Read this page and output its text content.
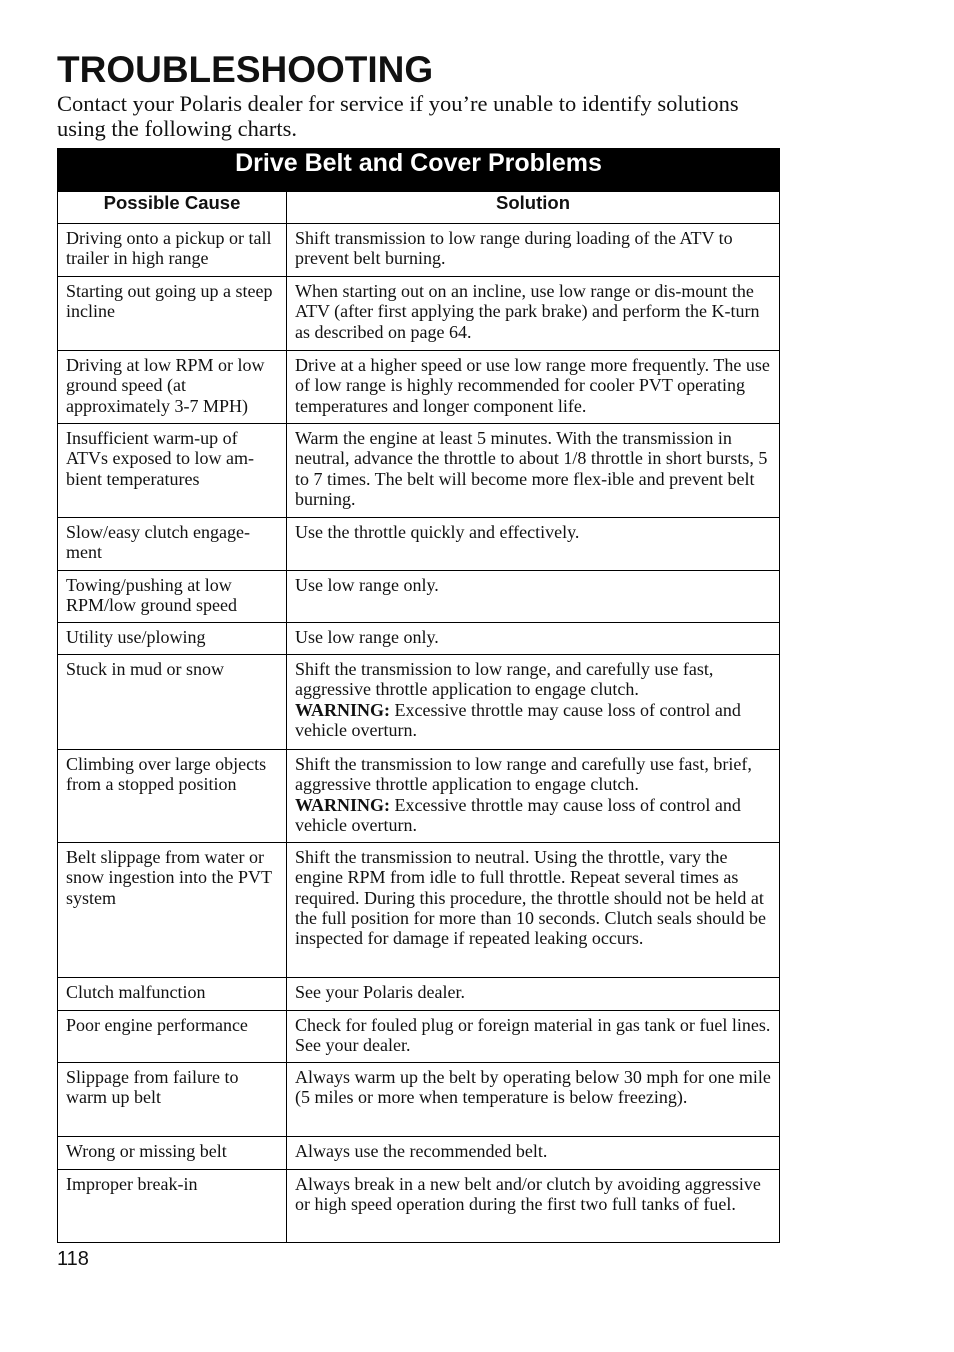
TROUBLESHOOTING

Contact your Polaris dealer for service if you’re unable to identify solutions using the following charts.

Drive Belt and Cover Problems	
Possible Cause	Solution
Driving onto a pickup or tall trailer in high range	Shift transmission to low range during loading of the ATV to prevent belt burning.
Starting out going up a steep incline	When starting out on an incline, use low range or dis-mount the ATV (after first applying the park brake) and perform the K-turn as described on page 64.
Driving at low RPM or low ground speed (at approximately 3-7 MPH)	Drive at a higher speed or use low range more frequently. The use of low range is highly recommended for cooler PVT operating temperatures and longer component life.
Insufficient warm-up of ATVs exposed to low am-bient temperatures	Warm the engine at least 5 minutes. With the transmission in neutral, advance the throttle to about 1/8 throttle in short bursts, 5 to 7 times. The belt will become more flex-ible and prevent belt burning.
Slow/easy clutch engage-ment	Use the throttle quickly and effectively.
Towing/pushing at low RPM/low ground speed	Use low range only.
Utility use/plowing	Use low range only.
Stuck in mud or snow	Shift the transmission to low range, and carefully use fast, aggressive throttle application to engage clutch.
WARNING: Excessive throttle may cause loss of control and vehicle overturn.
Climbing over large objects from a stopped position	Shift the transmission to low range and carefully use fast, brief, aggressive throttle application to engage clutch.
WARNING: Excessive throttle may cause loss of control and vehicle overturn.
Belt slippage from water or snow ingestion into the PVT system	Shift the transmission to neutral. Using the throttle, vary the engine RPM from idle to full throttle. Repeat several times as required. During this procedure, the throttle should not be held at the full position for more than 10 seconds. Clutch seals should be inspected for damage if repeated leaking occurs.
Clutch malfunction	See your Polaris dealer.
Poor engine performance	Check for fouled plug or foreign material in gas tank or fuel lines. See your dealer.
Slippage from failure to warm up belt	Always warm up the belt by operating below 30 mph for one mile (5 miles or more when temperature is below freezing).
Wrong or missing belt	Always use the recommended belt.
Improper break-in	Always break in a new belt and/or clutch by avoiding aggressive or high speed operation during the first two full tanks of fuel.

118
